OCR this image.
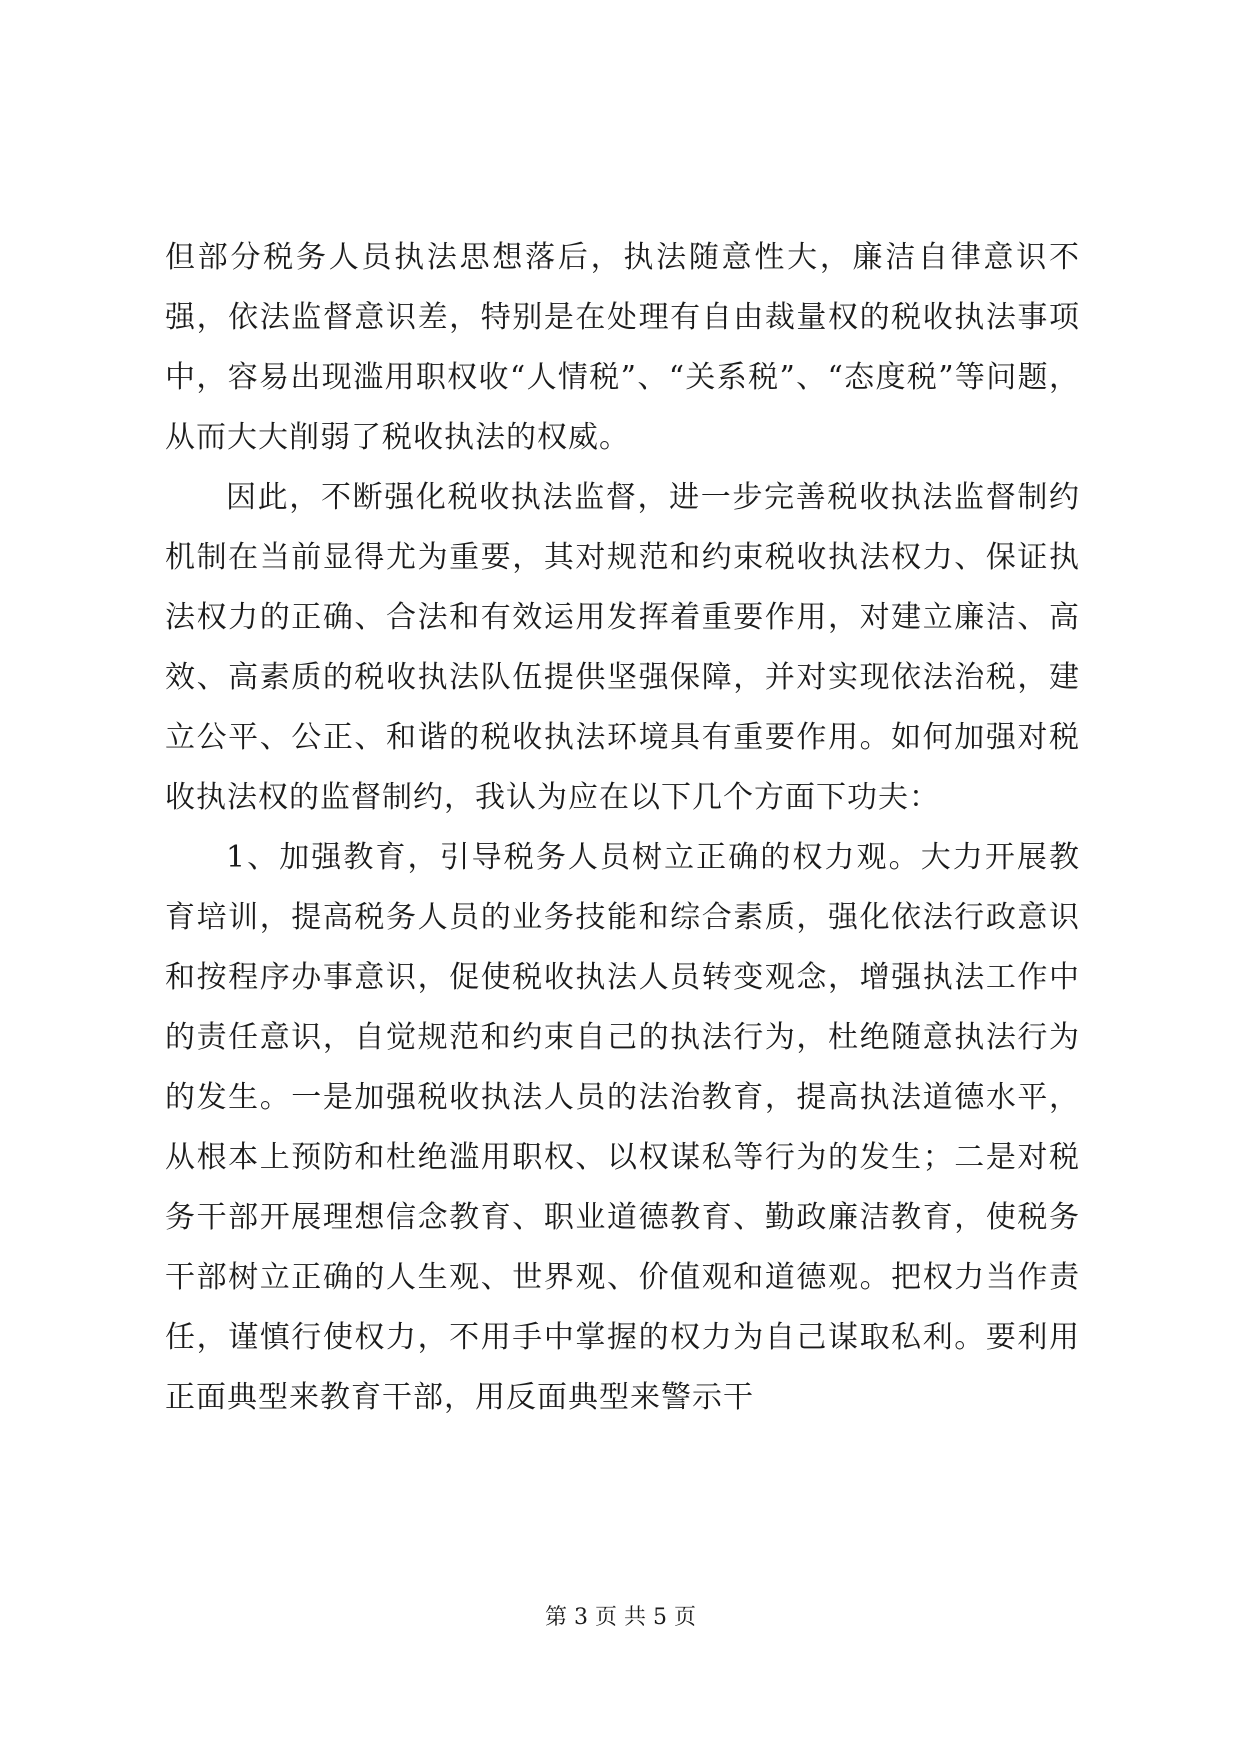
但部分税务人员执法思想落后，执法随意性大，廉洁自律意识不强，依法监督意识差，特别是在处理有自由裁量权的税收执法事项中，容易出现滥用职权收“人情税”、“关系税”、“态度税”等问题，从而大大削弱了税收执法的权威。

因此，不断强化税收执法监督，进一步完善税收执法监督制约机制在当前显得尤为重要，其对规范和约束税收执法权力、保证执法权力的正确、合法和有效运用发挥着重要作用，对建立廉洁、高效、高素质的税收执法队伍提供坚强保障，并对实现依法治税，建立公平、公正、和谐的税收执法环境具有重要作用。如何加强对税收执法权的监督制约，我认为应在以下几个方面下功夫：

1、加强教育，引导税务人员树立正确的权力观。大力开展教育培训，提高税务人员的业务技能和综合素质，强化依法行政意识和按程序办事意识，促使税收执法人员转变观念，增强执法工作中的责任意识，自觉规范和约束自己的执法行为，杜绝随意执法行为的发生。一是加强税收执法人员的法治教育，提高执法道德水平，从根本上预防和杜绝滥用职权、以权谋私等行为的发生；二是对税务干部开展理想信念教育、职业道德教育、勤政廉洁教育，使税务干部树立正确的人生观、世界观、价值观和道德观。把权力当作责任，谨慎行使权力，不用手中掌握的权力为自己谋取私利。要利用正面典型来教育干部，用反面典型来警示干

第 3 页 共 5 页
